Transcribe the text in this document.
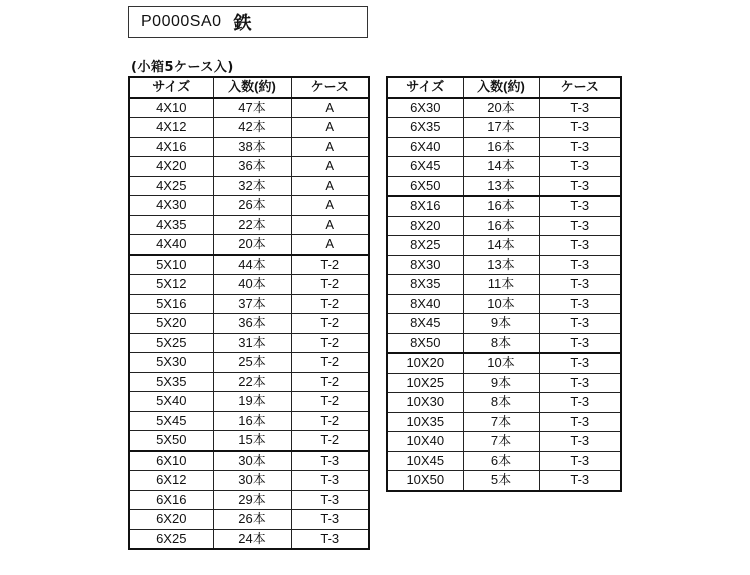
P0000SA0 鉄
(小箱5ケース入)
サイズ	入数(約)	ケース
4X10	47本	A
4X12	42本	A
4X16	38本	A
4X20	36本	A
4X25	32本	A
4X30	26本	A
4X35	22本	A
4X40	20本	A
5X10	44本	T-2
5X12	40本	T-2
5X16	37本	T-2
5X20	36本	T-2
5X25	31本	T-2
5X30	25本	T-2
5X35	22本	T-2
5X40	19本	T-2
5X45	16本	T-2
5X50	15本	T-2
6X10	30本	T-3
6X12	30本	T-3
6X16	29本	T-3
6X20	26本	T-3
6X25	24本	T-3
サイズ	入数(約)	ケース
6X30	20本	T-3
6X35	17本	T-3
6X40	16本	T-3
6X45	14本	T-3
6X50	13本	T-3
8X16	16本	T-3
8X20	16本	T-3
8X25	14本	T-3
8X30	13本	T-3
8X35	11本	T-3
8X40	10本	T-3
8X45	9本	T-3
8X50	8本	T-3
10X20	10本	T-3
10X25	9本	T-3
10X30	8本	T-3
10X35	7本	T-3
10X40	7本	T-3
10X45	6本	T-3
10X50	5本	T-3
